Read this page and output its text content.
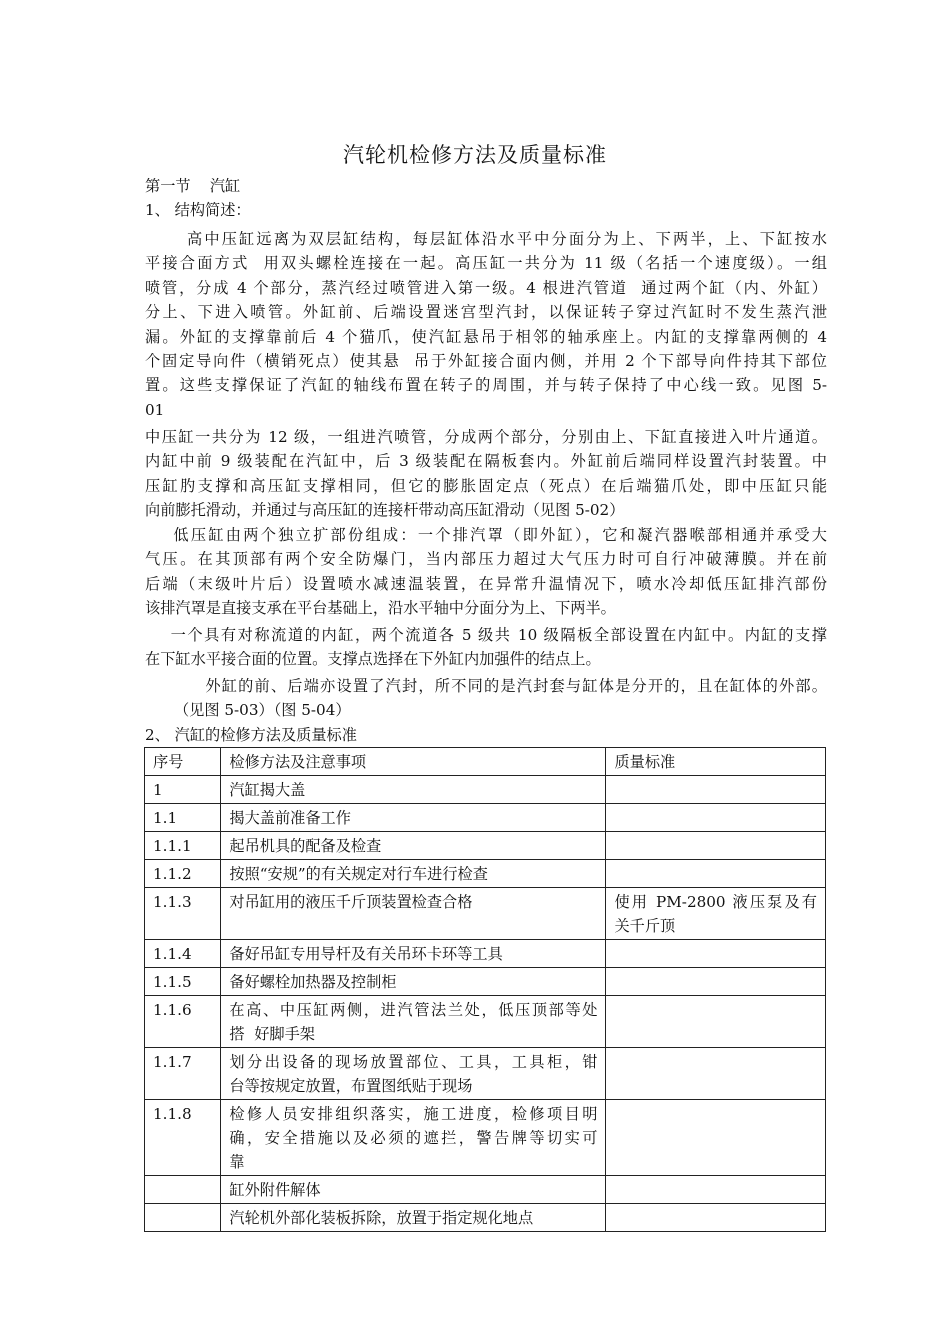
汽轮机检修方法及质量标准
第一节    汽缸
1、 结构简述：
高中压缸远离为双层缸结构，每层缸体沿水平中分面分为上、下两半，上、下缸按水
平接合面方式  用双头螺栓连接在一起。高压缸一共分为 11 级（名括一个速度级）。一组
喷管，分成 4 个部分，蒸汽经过喷管进入第一级。4 根进汽管道  通过两个缸（内、外缸）
分上、下进入喷管。外缸前、后端设置迷宫型汽封，以保证转子穿过汽缸时不发生蒸汽泄
漏。外缸的支撑靠前后 4 个猫爪，使汽缸悬吊于相邻的轴承座上。内缸的支撑靠两侧的 4
个固定导向件（横销死点）使其悬  吊于外缸接合面内侧，并用 2 个下部导向件持其下部位
置。这些支撑保证了汽缸的轴线布置在转子的周围，并与转子保持了中心线一致。见图 5-
01
中压缸一共分为 12 级，一组进汽喷管，分成两个部分，分别由上、下缸直接进入叶片通道。
内缸中前 9 级装配在汽缸中，后 3 级装配在隔板套内。外缸前后端同样设置汽封装置。中
压缸肑支撑和高压缸支撑相同，但它的膨胀固定点（死点）在后端猫爪处，即中压缸只能
向前膨托滑动，并通过与高压缸的连接杆带动高压缸滑动（见图 5-02）
低压缸由两个独立扩部份组成：一个排汽罩（即外缸），它和凝汽器喉部相通并承受大
气压。在其顶部有两个安全防爆门，当内部压力超过大气压力时可自行冲破薄膜。并在前
后端（末级叶片后）设置喷水减速温装置，在异常升温情况下，喷水冷却低压缸排汽部份
该排汽罩是直接支承在平台基础上，沿水平轴中分面分为上、下两半。
一个具有对称流道的内缸，两个流道各 5 级共 10 级隔板全部设置在内缸中。内缸的支撑
在下缸水平接合面的位置。支撑点选择在下外缸内加强件的结点上。
外缸的前、后端亦设置了汽封，所不同的是汽封套与缸体是分开的，且在缸体的外部。
（见图 5-03）（图 5-04）
2、 汽缸的检修方法及质量标准
序号	检修方法及注意事项	质量标准
1	汽缸揭大盖	

1.1	揭大盖前准备工作	

1.1.1	起吊机具的配备及检查	

1.1.2	按照“安规”的有关规定对行车进行检查	

1.1.3	对吊缸用的液压千斤顶装置检查合格	使用 PM-2800 液压泵及有
关千斤顶

1.1.4	备好吊缸专用导杆及有关吊环卡环等工具	

1.1.5	备好螺栓加热器及控制柜	

1.1.6	在高、中压缸两侧，进汽管法兰处，低压顶部等处
搭  好脚手架	

1.1.7	划分出设备的现场放置部位、工具，工具柜，钳
台等按规定放置，布置图纸贴于现场	

1.1.8	检修人员安排组织落实，施工进度，检修项目明
确，安全措施以及必须的遮拦，警告牌等切实可
靠	

	缸外附件解体	

	汽轮机外部化装板拆除，放置于指定规化地点	
